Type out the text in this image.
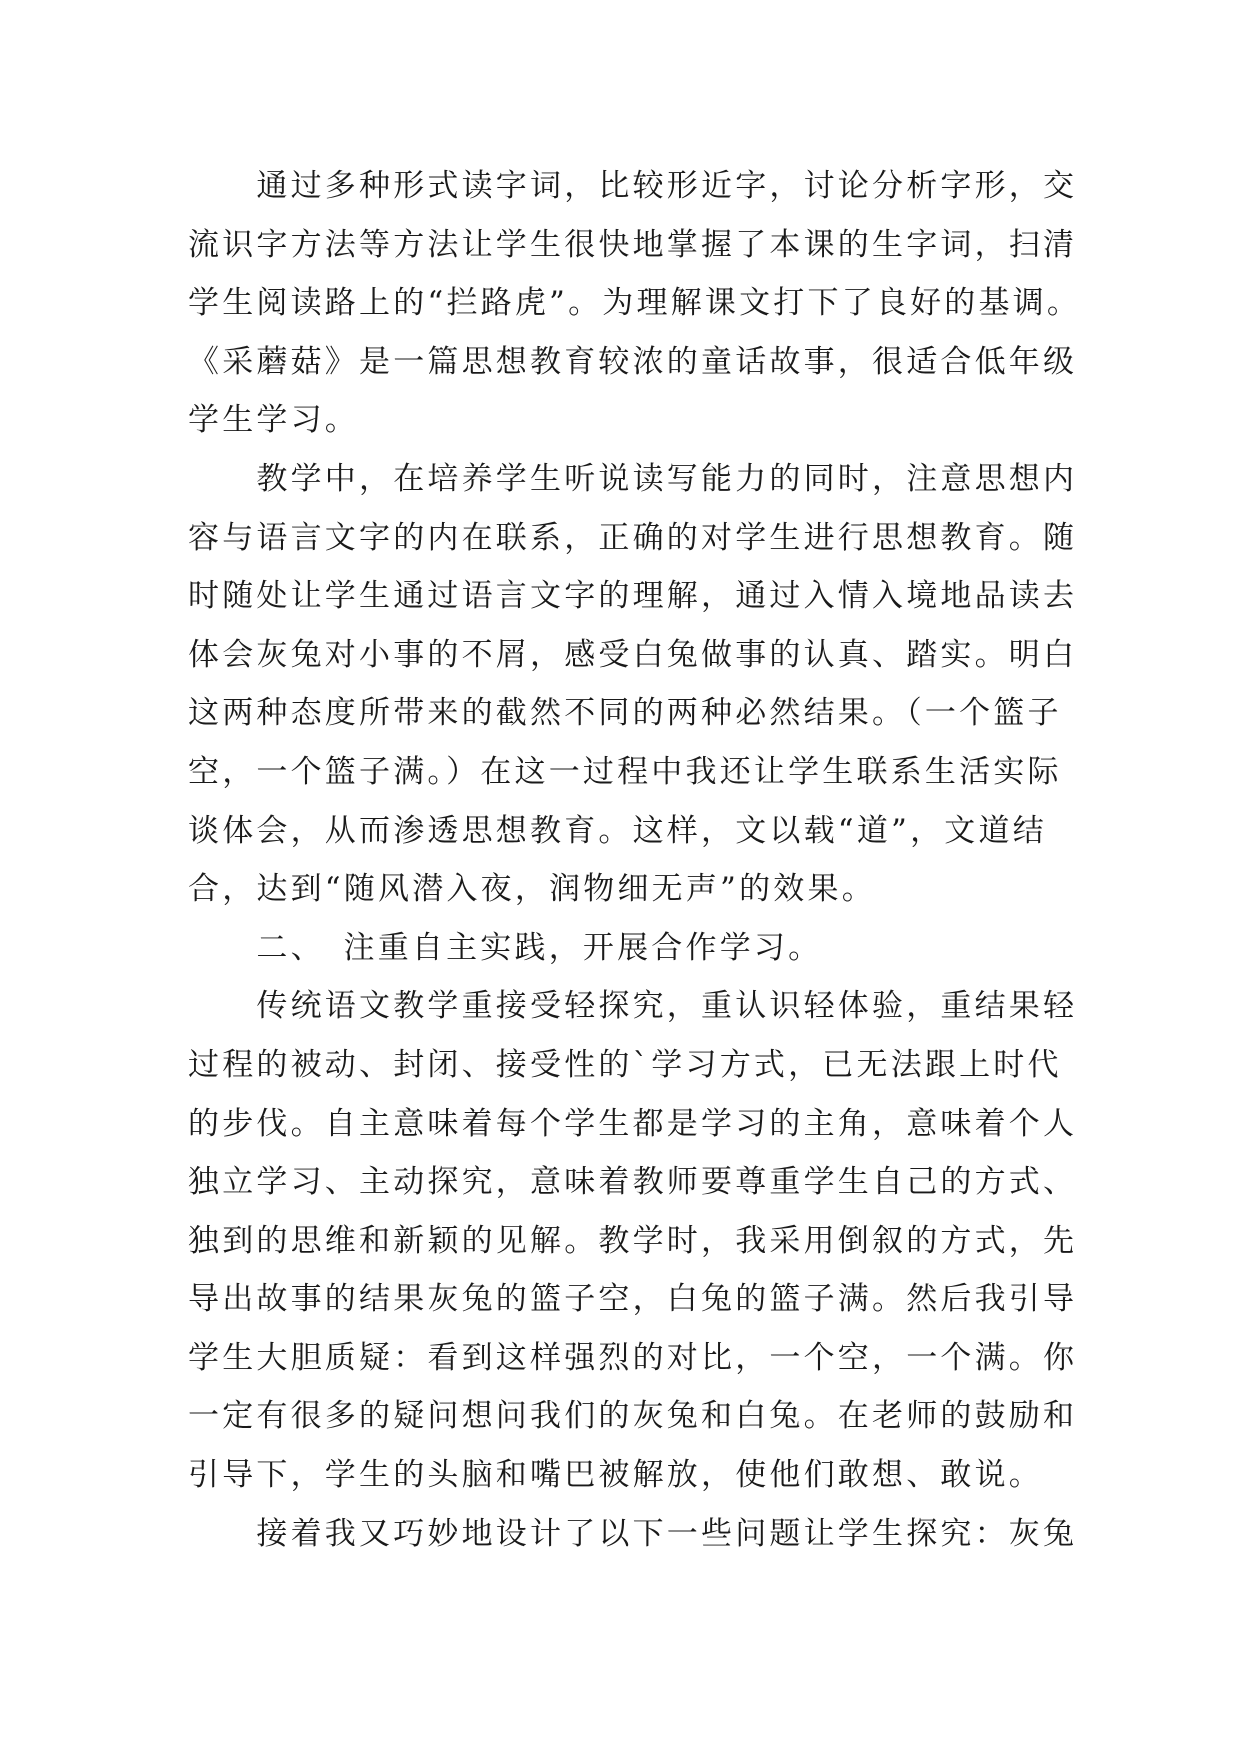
　　通过多种形式读字词，比较形近字，讨论分析字形，交
流识字方法等方法让学生很快地掌握了本课的生字词，扫清
学生阅读路上的“拦路虎”。为理解课文打下了良好的基调。
《采蘑菇》是一篇思想教育较浓的童话故事，很适合低年级
学生学习。
　　教学中，在培养学生听说读写能力的同时，注意思想内
容与语言文字的内在联系，正确的对学生进行思想教育。随
时随处让学生通过语言文字的理解，通过入情入境地品读去
体会灰兔对小事的不屑，感受白兔做事的认真、踏实。明白
这两种态度所带来的截然不同的两种必然结果。（一个篮子
空，一个篮子满。）在这一过程中我还让学生联系生活实际
谈体会，从而渗透思想教育。这样，文以载“道”，文道结
合，达到“随风潜入夜，润物细无声”的效果。
　　二、　注重自主实践，开展合作学习。
　　传统语文教学重接受轻探究，重认识轻体验，重结果轻
过程的被动、封闭、接受性的`学习方式，已无法跟上时代
的步伐。自主意味着每个学生都是学习的主角，意味着个人
独立学习、主动探究，意味着教师要尊重学生自己的方式、
独到的思维和新颖的见解。教学时，我采用倒叙的方式，先
导出故事的结果灰兔的篮子空，白兔的篮子满。然后我引导
学生大胆质疑：看到这样强烈的对比，一个空，一个满。你
一定有很多的疑问想问我们的灰兔和白兔。在老师的鼓励和
引导下，学生的头脑和嘴巴被解放，使他们敢想、敢说。
　　接着我又巧妙地设计了以下一些问题让学生探究：灰兔
